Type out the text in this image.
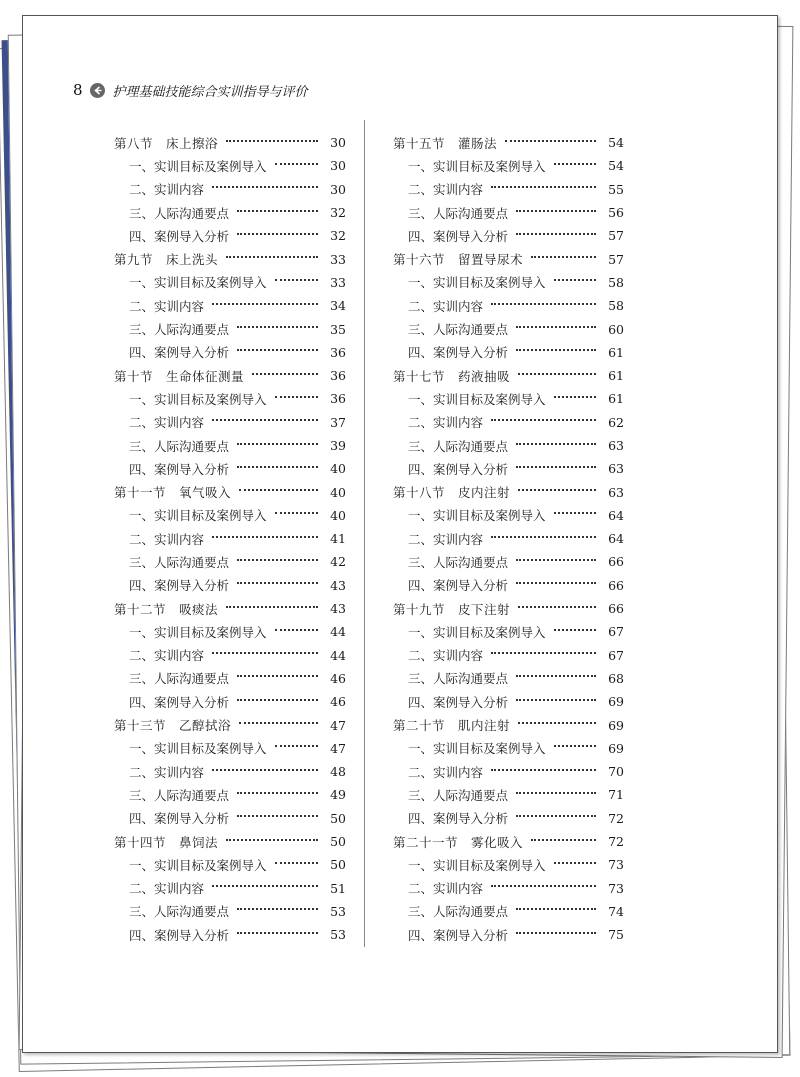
8 护理基础技能综合实训指导与评价
第八节　床上擦浴	30
一、实训目标及案例导入	30
二、实训内容	30
三、人际沟通要点	32
四、案例导入分析	32
第九节　床上洗头	33
一、实训目标及案例导入	33
二、实训内容	34
三、人际沟通要点	35
四、案例导入分析	36
第十节　生命体征测量	36
一、实训目标及案例导入	36
二、实训内容	37
三、人际沟通要点	39
四、案例导入分析	40
第十一节　氧气吸入	40
一、实训目标及案例导入	40
二、实训内容	41
三、人际沟通要点	42
四、案例导入分析	43
第十二节　吸痰法	43
一、实训目标及案例导入	44
二、实训内容	44
三、人际沟通要点	46
四、案例导入分析	46
第十三节　乙醇拭浴	47
一、实训目标及案例导入	47
二、实训内容	48
三、人际沟通要点	49
四、案例导入分析	50
第十四节　鼻饲法	50
一、实训目标及案例导入	50
二、实训内容	51
三、人际沟通要点	53
四、案例导入分析	53
第十五节　灌肠法	54
一、实训目标及案例导入	54
二、实训内容	55
三、人际沟通要点	56
四、案例导入分析	57
第十六节　留置导尿术	57
一、实训目标及案例导入	58
二、实训内容	58
三、人际沟通要点	60
四、案例导入分析	61
第十七节　药液抽吸	61
一、实训目标及案例导入	61
二、实训内容	62
三、人际沟通要点	63
四、案例导入分析	63
第十八节　皮内注射	63
一、实训目标及案例导入	64
二、实训内容	64
三、人际沟通要点	66
四、案例导入分析	66
第十九节　皮下注射	66
一、实训目标及案例导入	67
二、实训内容	67
三、人际沟通要点	68
四、案例导入分析	69
第二十节　肌内注射	69
一、实训目标及案例导入	69
二、实训内容	70
三、人际沟通要点	71
四、案例导入分析	72
第二十一节　雾化吸入	72
一、实训目标及案例导入	73
二、实训内容	73
三、人际沟通要点	74
四、案例导入分析	75
